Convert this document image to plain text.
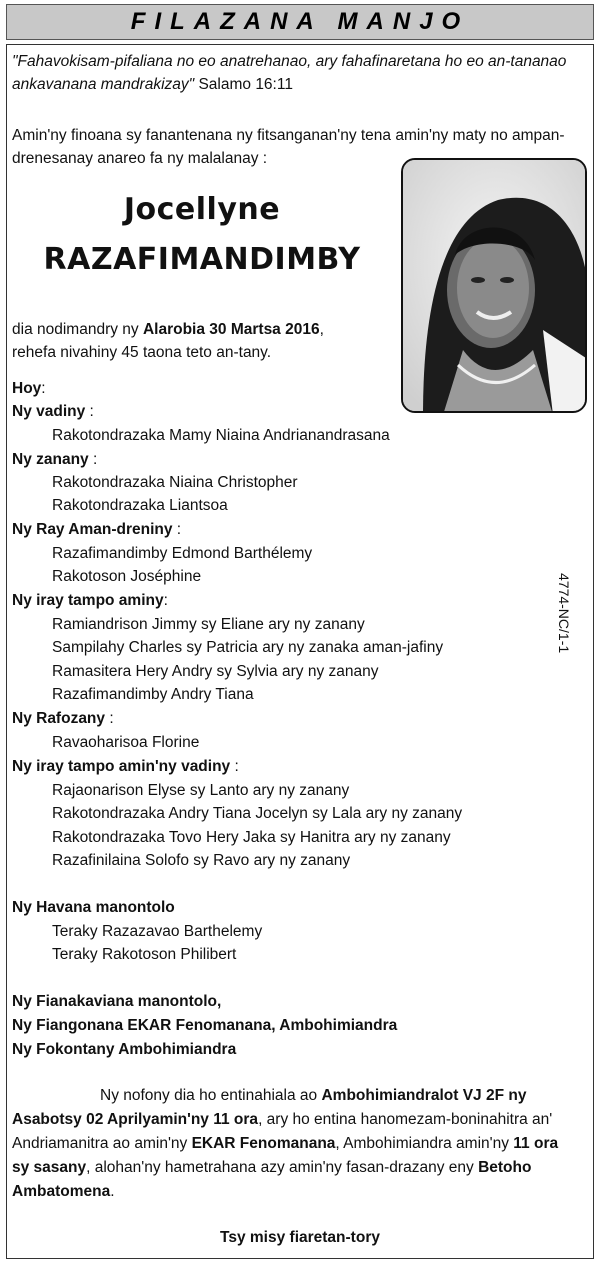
FILAZANA MANJO
"Fahavokisam-pifaliana no eo anatrehanao, ary fahafinaretana ho eo an-tananao
ankavanana mandrakizay" Salamo 16:11
Amin'ny finoana sy fanantenana ny fitsanganan'ny tena amin'ny maty no ampan-
drenesanay anareo fa ny malalanay :
Jocellyne
RAZAFIMANDIMBY
dia nodimandry ny Alarobia 30 Martsa 2016,
rehefa nivahiny 45 taona teto an-tany.
Hoy:
Ny vadiny :
Rakotondrazaka Mamy Niaina Andrianandrasana
Ny zanany :
Rakotondrazaka Niaina Christopher
Rakotondrazaka Liantsoa
Ny Ray Aman-dreniny :
Razafimandimby Edmond Barthélemy
Rakotoson Joséphine
Ny iray tampo aminy:
Ramiandrison Jimmy sy Eliane ary ny zanany
Sampilahy Charles sy Patricia ary ny zanaka aman-jafiny
Ramasitera Hery Andry sy Sylvia ary ny zanany
Razafimandimby Andry Tiana
Ny Rafozany :
Ravaoharisoa Florine
Ny iray tampo amin'ny vadiny :
Rajaonarison Elyse sy Lanto ary ny zanany
Rakotondrazaka Andry Tiana Jocelyn sy Lala ary ny zanany
Rakotondrazaka Tovo Hery Jaka sy Hanitra ary ny zanany
Razafinilaina Solofo sy Ravo ary ny zanany
Ny Havana manontolo
Teraky Razazavao Barthelemy
Teraky Rakotoson Philibert
Ny Fianakaviana manontolo,
Ny Fiangonana EKAR Fenomanana, Ambohimiandra
Ny Fokontany Ambohimiandra
Ny nofony dia ho entinahiala ao Ambohimiandralot VJ 2F ny
Asabotsy 02 Aprilyamin'ny 11 ora, ary ho entina hanomezam-boninahitra an'
Andriamanitra ao amin'ny EKAR Fenomanana, Ambohimiandra amin'ny 11 ora
sy sasany, alohan'ny hametrahana azy amin'ny fasan-drazany eny Betoho
Ambatomena.
Tsy misy fiaretan-tory
4774-NC/1-1
